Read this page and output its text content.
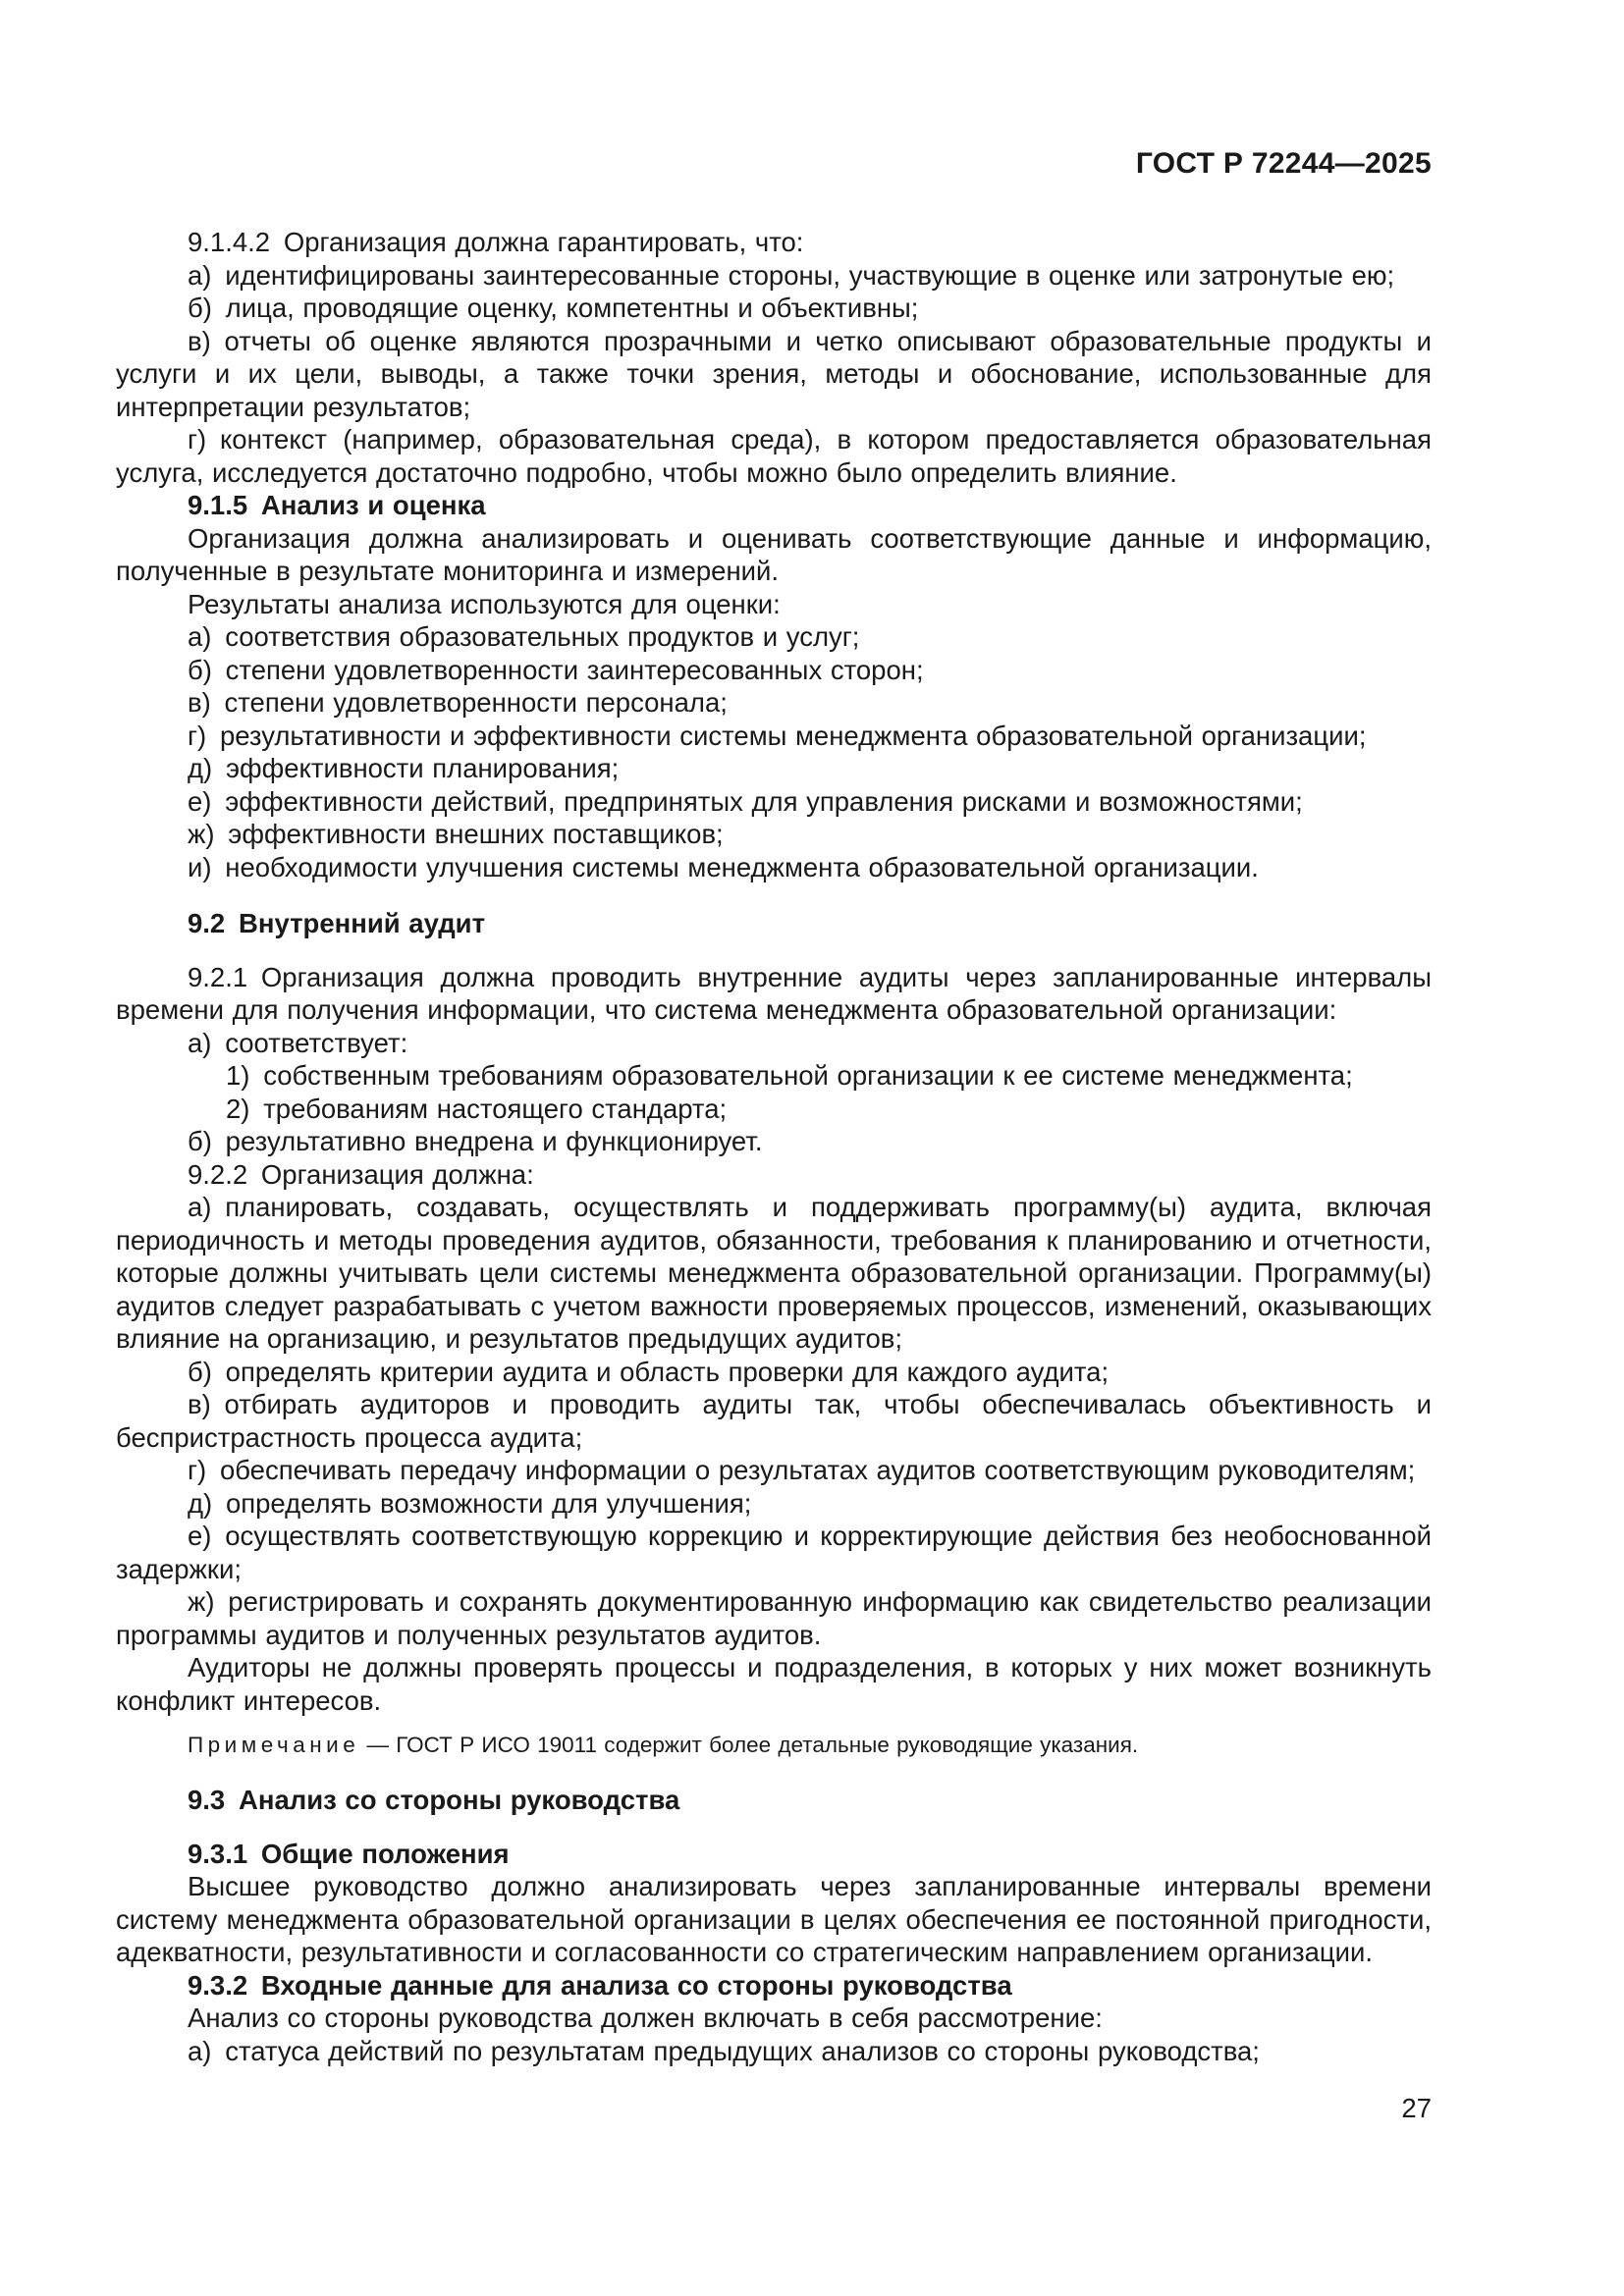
ГОСТ Р 72244—2025

9.1.4.2 Организация должна гарантировать, что:

а) идентифицированы заинтересованные стороны, участвующие в оценке или затронутые ею;

б) лица, проводящие оценку, компетентны и объективны;

в) отчеты об оценке являются прозрачными и четко описывают образовательные продукты и услуги и их цели, выводы, а также точки зрения, методы и обоснование, использованные для интерпретации результатов;

г) контекст (например, образовательная среда), в котором предоставляется образовательная услуга, исследуется достаточно подробно, чтобы можно было определить влияние.

9.1.5 Анализ и оценка

Организация должна анализировать и оценивать соответствующие данные и информацию, полученные в результате мониторинга и измерений.

Результаты анализа используются для оценки:

а) соответствия образовательных продуктов и услуг;

б) степени удовлетворенности заинтересованных сторон;

в) степени удовлетворенности персонала;

г) результативности и эффективности системы менеджмента образовательной организации;

д) эффективности планирования;

е) эффективности действий, предпринятых для управления рисками и возможностями;

ж) эффективности внешних поставщиков;

и) необходимости улучшения системы менеджмента образовательной организации.

9.2 Внутренний аудит

9.2.1 Организация должна проводить внутренние аудиты через запланированные интервалы времени для получения информации, что система менеджмента образовательной организации:

а) соответствует:

1) собственным требованиям образовательной организации к ее системе менеджмента;

2) требованиям настоящего стандарта;

б) результативно внедрена и функционирует.

9.2.2 Организация должна:

а) планировать, создавать, осуществлять и поддерживать программу(ы) аудита, включая периодичность и методы проведения аудитов, обязанности, требования к планированию и отчетности, которые должны учитывать цели системы менеджмента образовательной организации. Программу(ы) аудитов следует разрабатывать с учетом важности проверяемых процессов, изменений, оказывающих влияние на организацию, и результатов предыдущих аудитов;

б) определять критерии аудита и область проверки для каждого аудита;

в) отбирать аудиторов и проводить аудиты так, чтобы обеспечивалась объективность и беспристрастность процесса аудита;

г) обеспечивать передачу информации о результатах аудитов соответствующим руководителям;

д) определять возможности для улучшения;

е) осуществлять соответствующую коррекцию и корректирующие действия без необоснованной задержки;

ж) регистрировать и сохранять документированную информацию как свидетельство реализации программы аудитов и полученных результатов аудитов.

Аудиторы не должны проверять процессы и подразделения, в которых у них может возникнуть конфликт интересов.

Примечание — ГОСТ Р ИСО 19011 содержит более детальные руководящие указания.

9.3 Анализ со стороны руководства

9.3.1 Общие положения

Высшее руководство должно анализировать через запланированные интервалы времени систему менеджмента образовательной организации в целях обеспечения ее постоянной пригодности, адекватности, результативности и согласованности со стратегическим направлением организации.

9.3.2 Входные данные для анализа со стороны руководства

Анализ со стороны руководства должен включать в себя рассмотрение:

а) статуса действий по результатам предыдущих анализов со стороны руководства;

27
